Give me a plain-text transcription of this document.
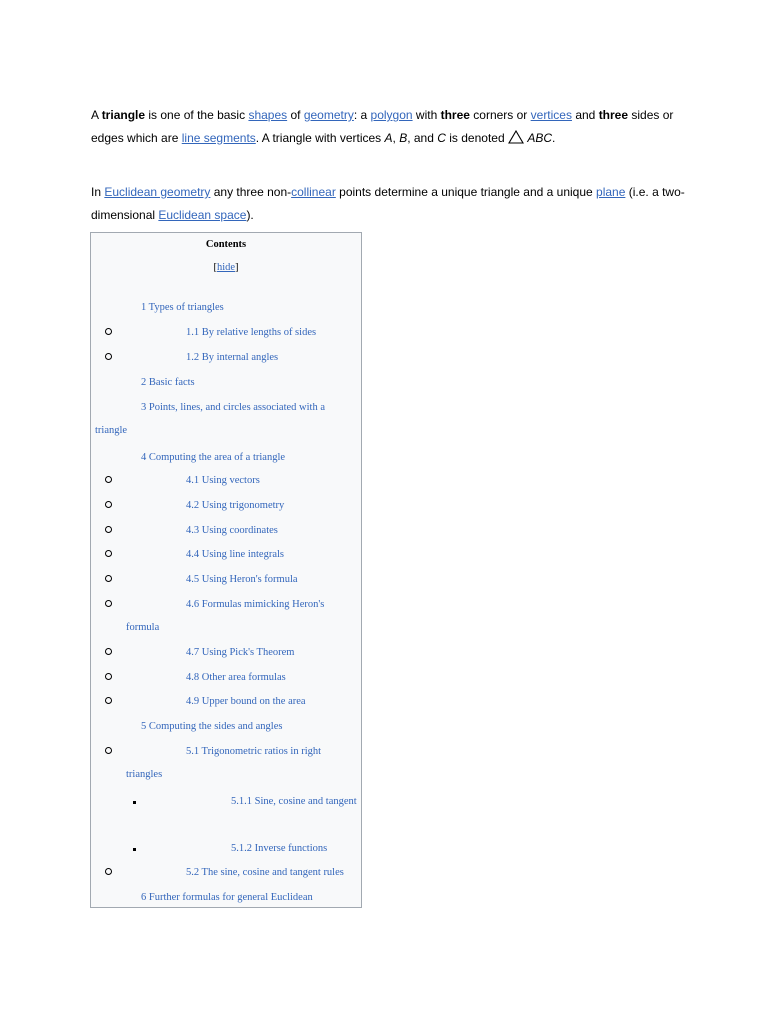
A triangle is one of the basic shapes of geometry: a polygon with three corners or vertices and three sides or edges which are line segments. A triangle with vertices A, B, and C is denoted  ABC.
In Euclidean geometry any three non-collinear points determine a unique triangle and a unique plane (i.e. a two-dimensional Euclidean space).
Contents
[hide]
1 Types of triangles
1.1 By relative lengths of sides
1.2 By internal angles
2 Basic facts
3 Points, lines, and circles associated with a triangle
4 Computing the area of a triangle
4.1 Using vectors
4.2 Using trigonometry
4.3 Using coordinates
4.4 Using line integrals
4.5 Using Heron's formula
4.6 Formulas mimicking Heron's formula
4.7 Using Pick's Theorem
4.8 Other area formulas
4.9 Upper bound on the area
5 Computing the sides and angles
5.1 Trigonometric ratios in right triangles
5.1.1 Sine, cosine and tangent
5.1.2 Inverse functions
5.2 The sine, cosine and tangent rules
6 Further formulas for general Euclidean
